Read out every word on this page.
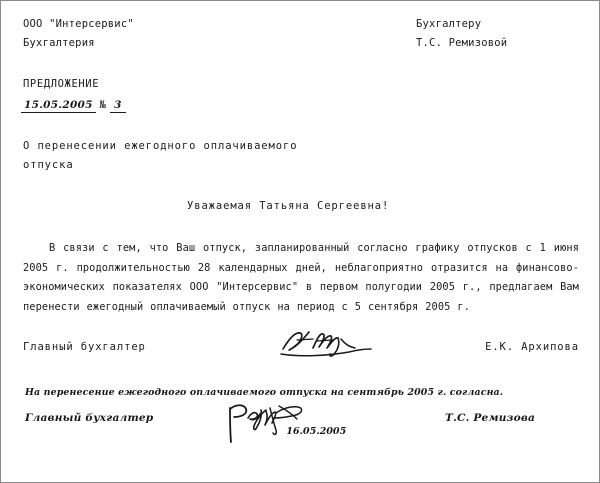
ООО "Интерсервис"
Бухгалтерия
Бухгалтеру
Т.С. Ремизовой
ПРЕДЛОЖЕНИЕ
15.05.2005 № 3
О перенесении ежегодного оплачиваемого
отпуска
Уважаемая Татьяна Сергеевна!

В связи с тем, что Ваш отпуск, запланированный согласно графику отпусков с 1 июня 2005 г. продолжительностью 28 календарных дней, неблагоприятно отразится на финансово-экономических показателях ООО "Интерсервис" в первом полугодии 2005 г., предлагаем Вам перенести ежегодный оплачиваемый отпуск на период с 5 сентября 2005 г.

Главный бухгалтер	Е.К. Архипова
На перенесение ежегодного оплачиваемого отпуска на сентябрь 2005 г. согласна.
Главный бухгалтер
16.05.2005
Т.С. Ремизова
